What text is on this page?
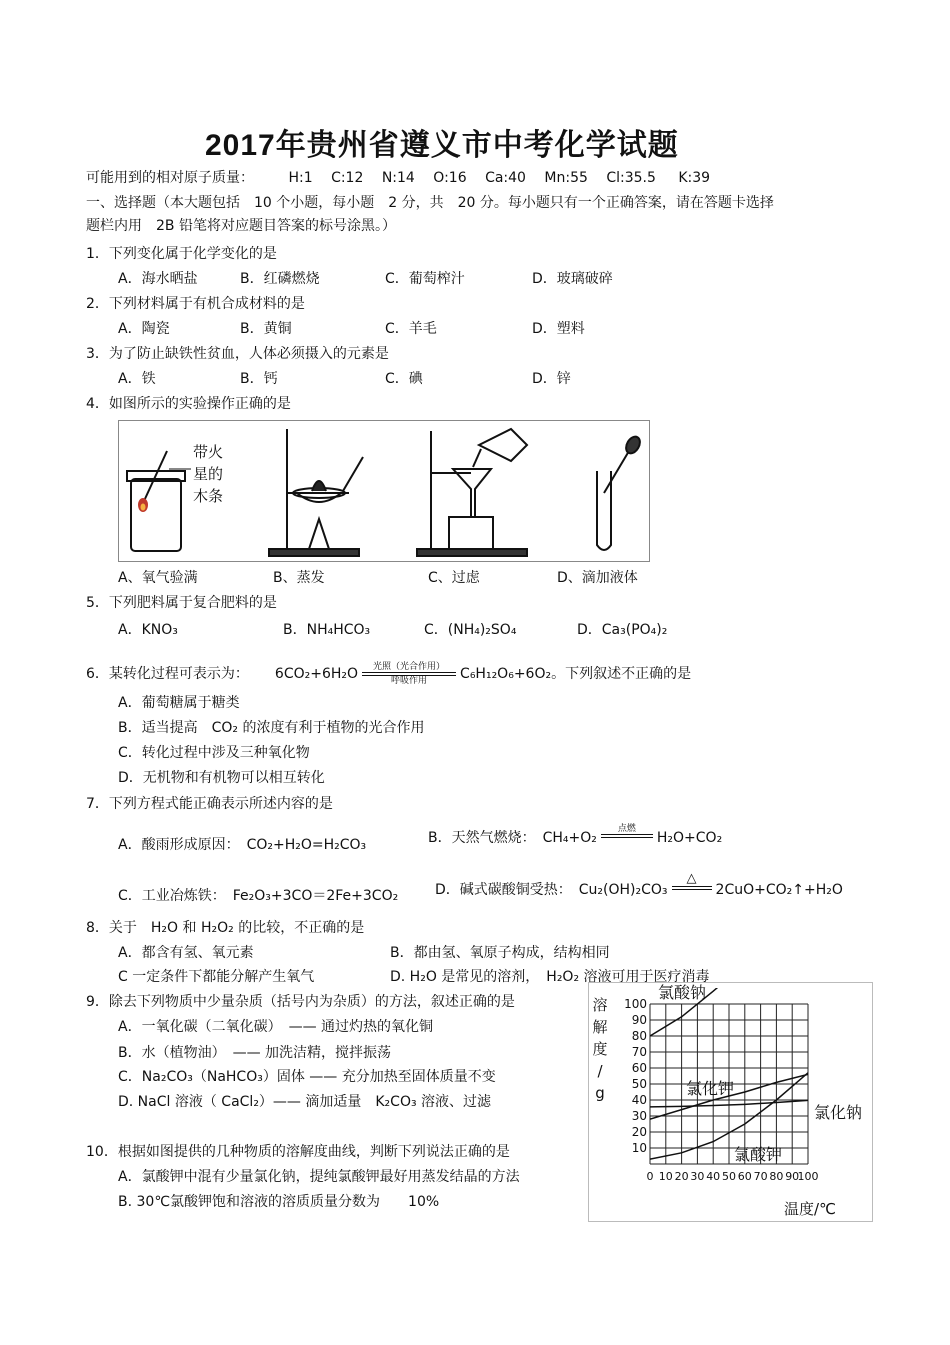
2017年贵州省遵义市中考化学试题
可能用到的相对原子质量： H:1 C:12 N:14 O:16 Ca:40 Mn:55 Cl:35.5 K:39
一、选择题（本大题包括　10 个小题，每小题　2 分，共　20 分。每小题只有一个正确答案，请在答题卡选择
题栏内用　2B 铅笔将对应题目答案的标号涂黑。）
1．下列变化属于化学变化的是
A．海水晒盐	B．红磷燃烧	C．葡萄榨汁	D．玻璃破碎
2．下列材料属于有机合成材料的是
A．陶瓷	B．黄铜	C．羊毛	D．塑料
3．为了防止缺铁性贫血，人体必须摄入的元素是
A．铁	B．钙	C．碘	D．锌
4．如图所示的实验操作正确的是
带火
星的
木条
A、氧气验满	B、蒸发	C、过虑	D、滴加液体
5．下列肥料属于复合肥料的是
A．KNO₃	B．NH₄HCO₃	C．(NH₄)₂SO₄	D．Ca₃(PO₄)₂
6．某转化过程可表示为： 6CO₂+6H₂O 光照（光合作用）
呼吸作用 C₆H₁₂O₆+6O₂。下列叙述不正确的是
A．葡萄糖属于糖类
B．适当提高　CO₂ 的浓度有利于植物的光合作用
C．转化过程中涉及三种氧化物
D．无机物和有机物可以相互转化
7．下列方程式能正确表示所述内容的是
A．酸雨形成原因：　CO₂+H₂O=H₂CO₃	B．天然气燃烧：　CH₄+O₂
点燃

H₂O+CO₂
C．工业冶炼铁：　Fe₂O₃+3CO＝2Fe+3CO₂	D．碱式碳酸铜受热：　Cu₂(OH)₂CO₃
△

2CuO+CO₂↑+H₂O
8．关于　H₂O 和 H₂O₂ 的比较，不正确的是
A．都含有氢、氧元素	B．都由氢、氧原子构成，结构相同
C 一定条件下都能分解产生氧气	D. H₂O 是常见的溶剂，　H₂O₂ 溶液可用于医疗消毒
9．除去下列物质中少量杂质（括号内为杂质）的方法，叙述正确的是
A．一氧化碳（二氧化碳）　—— 通过灼热的氧化铜
B．水（植物油）　—— 加洗洁精，搅拌振荡
C．Na₂CO₃（NaHCO₃）固体 —— 充分加热至固体质量不变
D. NaCl 溶液（ CaCl₂）—— 滴加适量　K₂CO₃ 溶液、过滤
10．根据如图提供的几种物质的溶解度曲线，判断下列说法正确的是
A．氯酸钾中混有少量氯化钠，提纯氯酸钾最好用蒸发结晶的方法
B. 30℃氯酸钾饱和溶液的溶质质量分数为　　10%
10
20
30
40
50
60
70
80
90
100
0 10 20 30 40 50 60 70 80 90
100
溶
解
度
/
g
温度/℃
氯酸钠
氯化钾
氯化钠
氯酸钾
